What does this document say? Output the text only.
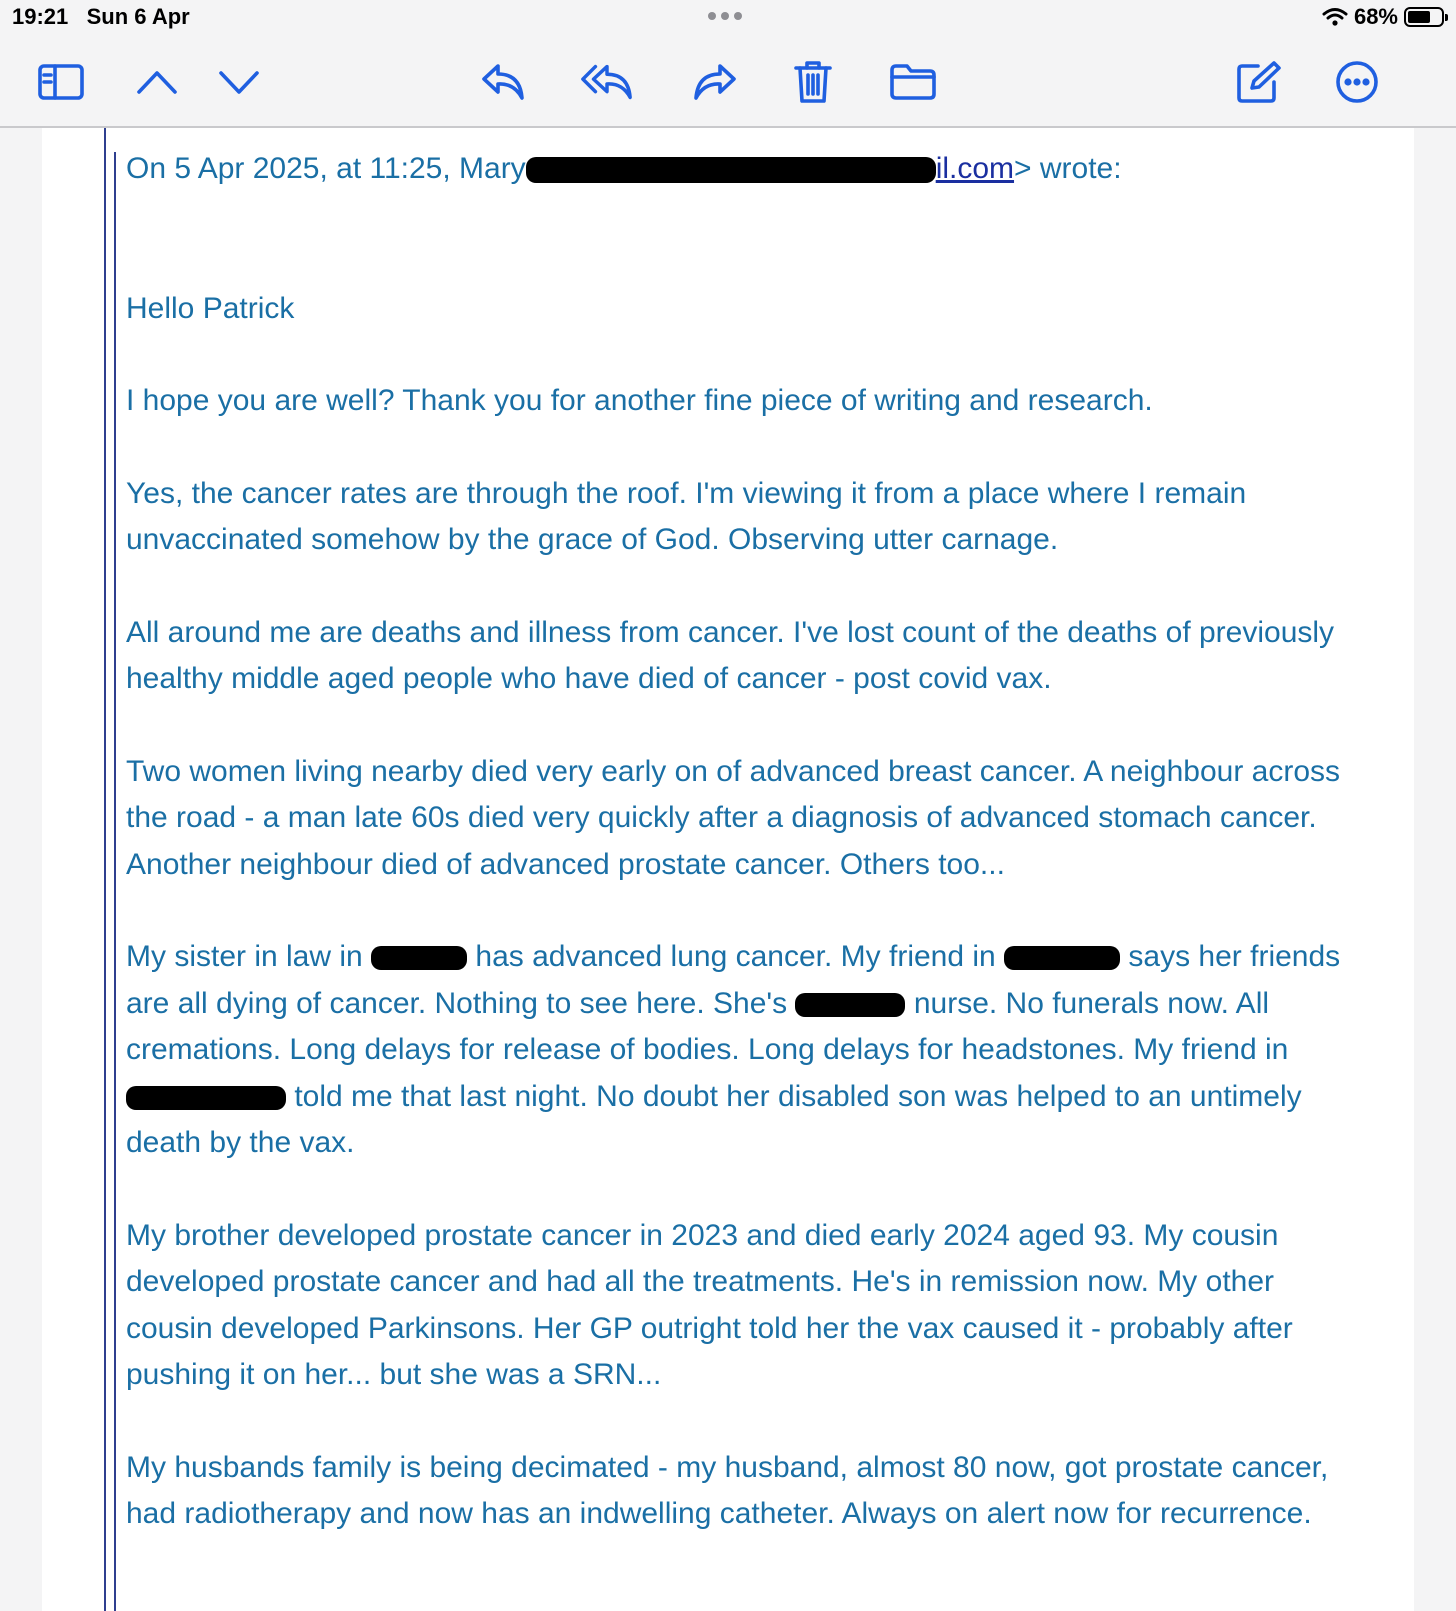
19:21 Sun 6 Apr	68%

On 5 Apr 2025, at 11:25, Mary	il.com> wrote:

Hello Patrick

I hope you are well? Thank you for another fine piece of writing and research.

Yes, the cancer rates are through the roof. I'm viewing it from a place where I remain unvaccinated somehow by the grace of God. Observing utter carnage.

All around me are deaths and illness from cancer. I've lost count of the deaths of previously healthy middle aged people who have died of cancer - post covid vax.

Two women living nearby died very early on of advanced breast cancer. A neighbour across the road - a man late 60s died very quickly after a diagnosis of advanced stomach cancer. Another neighbour died of advanced prostate cancer. Others too...

My sister in law in	has advanced lung cancer. My friend in	says her friends are all dying of cancer. Nothing to see here. She's	nurse. No funerals now. All cremations. Long delays for release of bodies. Long delays for headstones. My friend in  told me that last night. No doubt her disabled son was helped to an untimely death by the vax.

My brother developed prostate cancer in 2023 and died early 2024 aged 93. My cousin developed prostate cancer and had all the treatments. He's in remission now. My other cousin developed Parkinsons. Her GP outright told her the vax caused it - probably after pushing it on her... but she was a SRN...

My husbands family is being decimated - my husband, almost 80 now, got prostate cancer, had radiotherapy and now has an indwelling catheter. Always on alert now for recurrence.
